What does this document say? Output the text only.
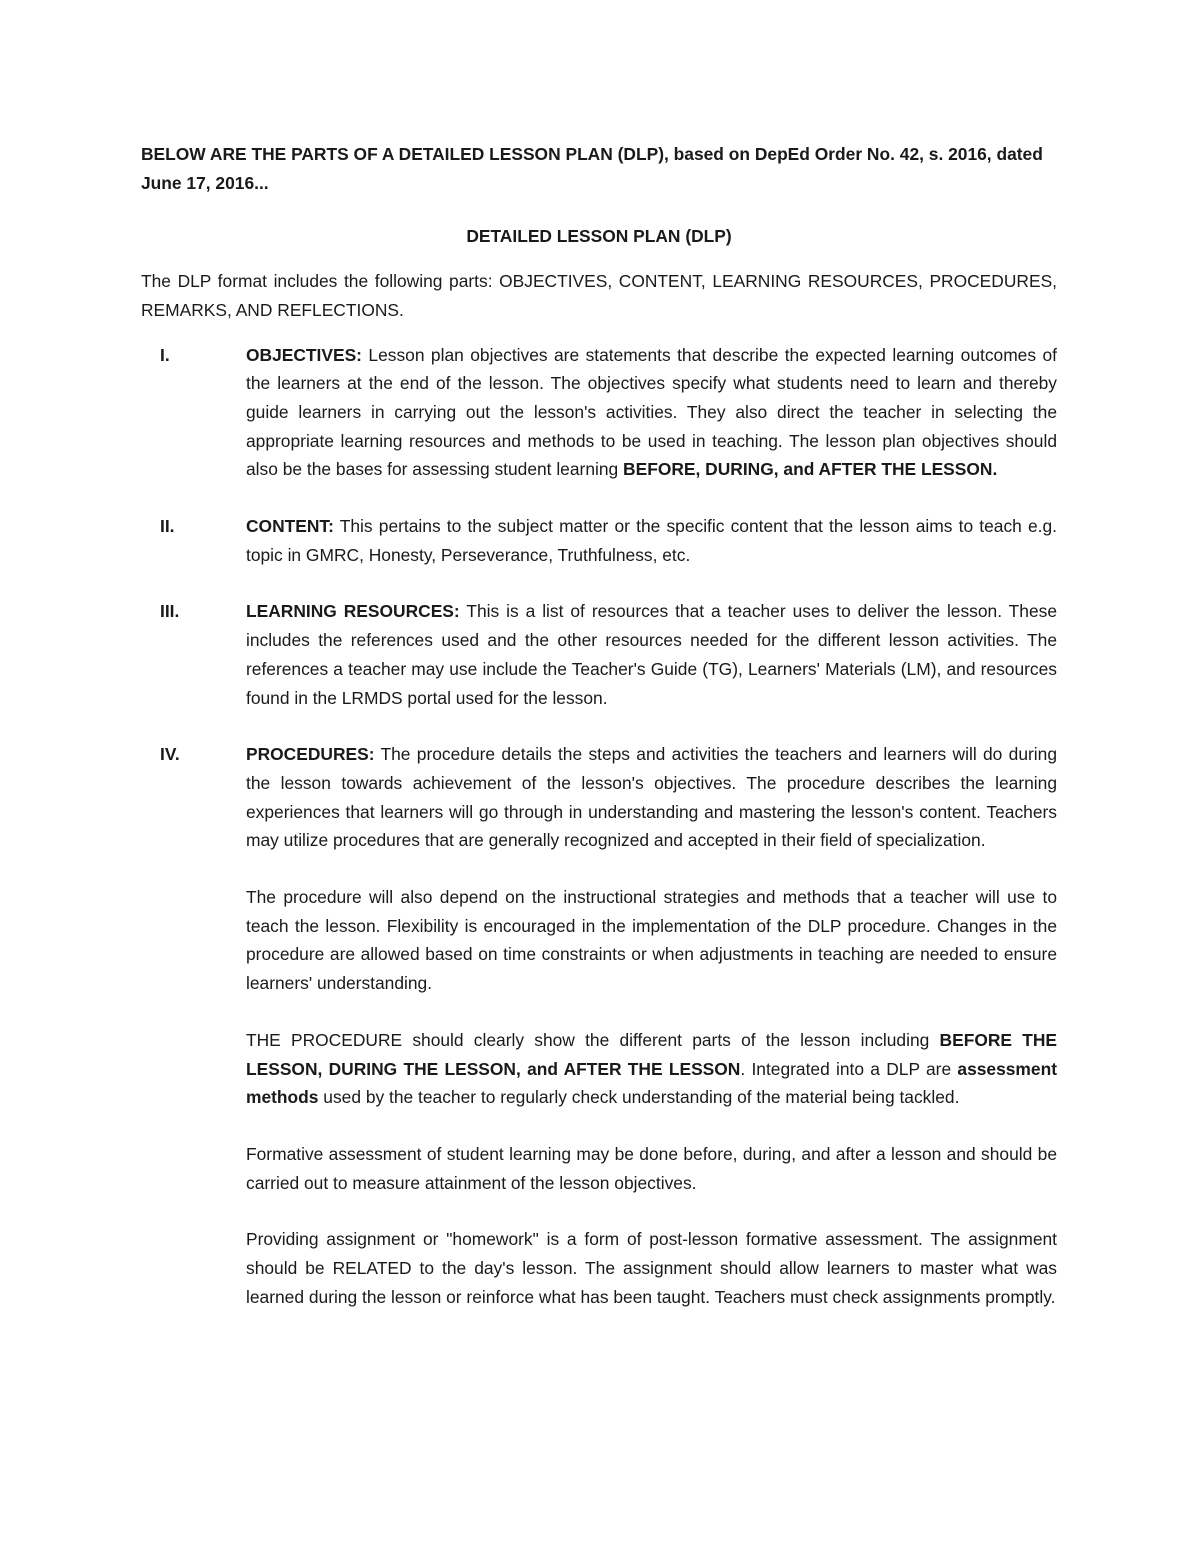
BELOW ARE THE PARTS OF A DETAILED LESSON PLAN (DLP), based on DepEd Order No. 42, s. 2016, dated June 17, 2016...

DETAILED LESSON PLAN (DLP)

The DLP format includes the following parts: OBJECTIVES, CONTENT, LEARNING RESOURCES, PROCEDURES, REMARKS, AND REFLECTIONS.

I.	OBJECTIVES: Lesson plan objectives are statements that describe the expected learning outcomes of the learners at the end of the lesson. The objectives specify what students need to learn and thereby guide learners in carrying out the lesson's activities. They also direct the teacher in selecting the appropriate learning resources and methods to be used in teaching. The lesson plan objectives should also be the bases for assessing student learning BEFORE, DURING, and AFTER THE LESSON.

II.	CONTENT: This pertains to the subject matter or the specific content that the lesson aims to teach e.g. topic in GMRC, Honesty, Perseverance, Truthfulness, etc.

III.	LEARNING RESOURCES: This is a list of resources that a teacher uses to deliver the lesson. These includes the references used and the other resources needed for the different lesson activities. The references a teacher may use include the Teacher's Guide (TG), Learners' Materials (LM), and resources found in the LRMDS portal used for the lesson.

IV.	PROCEDURES: The procedure details the steps and activities the teachers and learners will do during the lesson towards achievement of the lesson's objectives. The procedure describes the learning experiences that learners will go through in understanding and mastering the lesson's content. Teachers may utilize procedures that are generally recognized and accepted in their field of specialization.

The procedure will also depend on the instructional strategies and methods that a teacher will use to teach the lesson. Flexibility is encouraged in the implementation of the DLP procedure. Changes in the procedure are allowed based on time constraints or when adjustments in teaching are needed to ensure learners' understanding.

THE PROCEDURE should clearly show the different parts of the lesson including BEFORE THE LESSON, DURING THE LESSON, and AFTER THE LESSON. Integrated into a DLP are assessment methods used by the teacher to regularly check understanding of the material being tackled.

Formative assessment of student learning may be done before, during, and after a lesson and should be carried out to measure attainment of the lesson objectives.

Providing assignment or "homework" is a form of post-lesson formative assessment. The assignment should be RELATED to the day's lesson. The assignment should allow learners to master what was learned during the lesson or reinforce what has been taught. Teachers must check assignments promptly.
